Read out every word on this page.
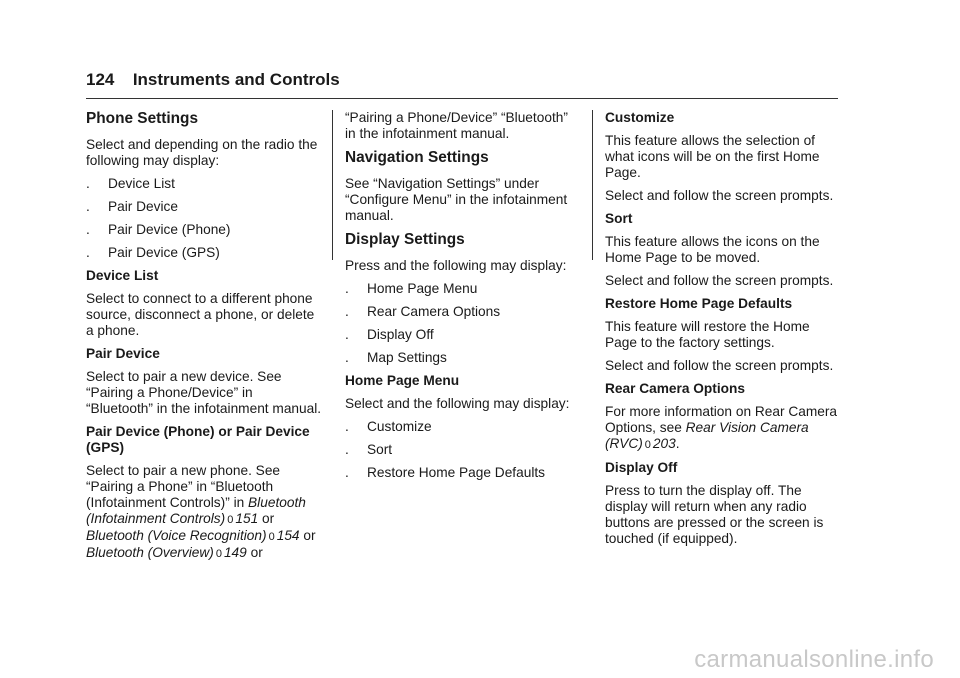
124 Instruments and Controls
Phone Settings

Select and depending on the radio the following may display:

.	Device List
.	Pair Device
.	Pair Device (Phone)
.	Pair Device (GPS)
Device List

Select to connect to a different phone source, disconnect a phone, or delete a phone.

Pair Device

Select to pair a new device. See “Pairing a Phone/Device” in “Bluetooth” in the infotainment manual.

Pair Device (Phone) or Pair Device (GPS)

Select to pair a new phone. See “Pairing a Phone” in “Bluetooth (Infotainment Controls)” in Bluetooth (Infotainment Controls) 0 151 or Bluetooth (Voice Recognition) 0 154 or Bluetooth (Overview) 0 149 or

“Pairing a Phone/Device” “Bluetooth” in the infotainment manual.

Navigation Settings

See “Navigation Settings” under “Configure Menu” in the infotainment manual.

Display Settings

Press and the following may display:

.	Home Page Menu
.	Rear Camera Options
.	Display Off
.	Map Settings
Home Page Menu

Select and the following may display:

.	Customize
.	Sort
.	Restore Home Page Defaults
Customize

This feature allows the selection of what icons will be on the first Home Page.

Select and follow the screen prompts.

Sort

This feature allows the icons on the Home Page to be moved.

Select and follow the screen prompts.

Restore Home Page Defaults

This feature will restore the Home Page to the factory settings.

Select and follow the screen prompts.

Rear Camera Options

For more information on Rear Camera Options, see Rear Vision Camera (RVC) 0 203.

Display Off

Press to turn the display off. The display will return when any radio buttons are pressed or the screen is touched (if equipped).

carmanualsonline.info
